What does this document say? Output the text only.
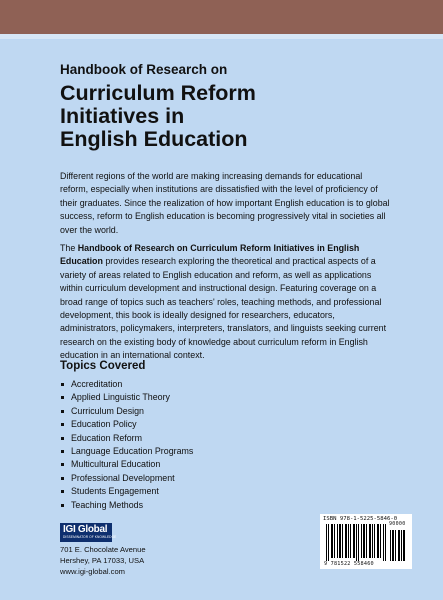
Handbook of Research on

Curriculum Reform
Initiatives in
English Education

Different regions of the world are making increasing demands for educational reform, especially when institutions are dissatisfied with the level of proficiency of their graduates. Since the realization of how important English education is to global success, reform to English education is becoming progressively vital in societies all over the world.

The Handbook of Research on Curriculum Reform Initiatives in English Education provides research exploring the theoretical and practical aspects of a variety of areas related to English education and reform, as well as applications within curriculum development and instructional design. Featuring coverage on a broad range of topics such as teachers' roles, teaching methods, and professional development, this book is ideally designed for researchers, educators, administrators, policymakers, interpreters, translators, and linguists seeking current research on the existing body of knowledge about curriculum reform in English education in an international context.

Topics Covered
Accreditation
Applied Linguistic Theory
Curriculum Design
Education Policy
Education Reform
Language Education Programs
Multicultural Education
Professional Development
Students Engagement
Teaching Methods
IGI Global
DISSEMINATOR OF KNOWLEDGE
701 E. Chocolate Avenue
Hershey, PA 17033, USA
www.igi-global.com
ISBN 978-1-5225-5846-0
90000
9 781522 558460
